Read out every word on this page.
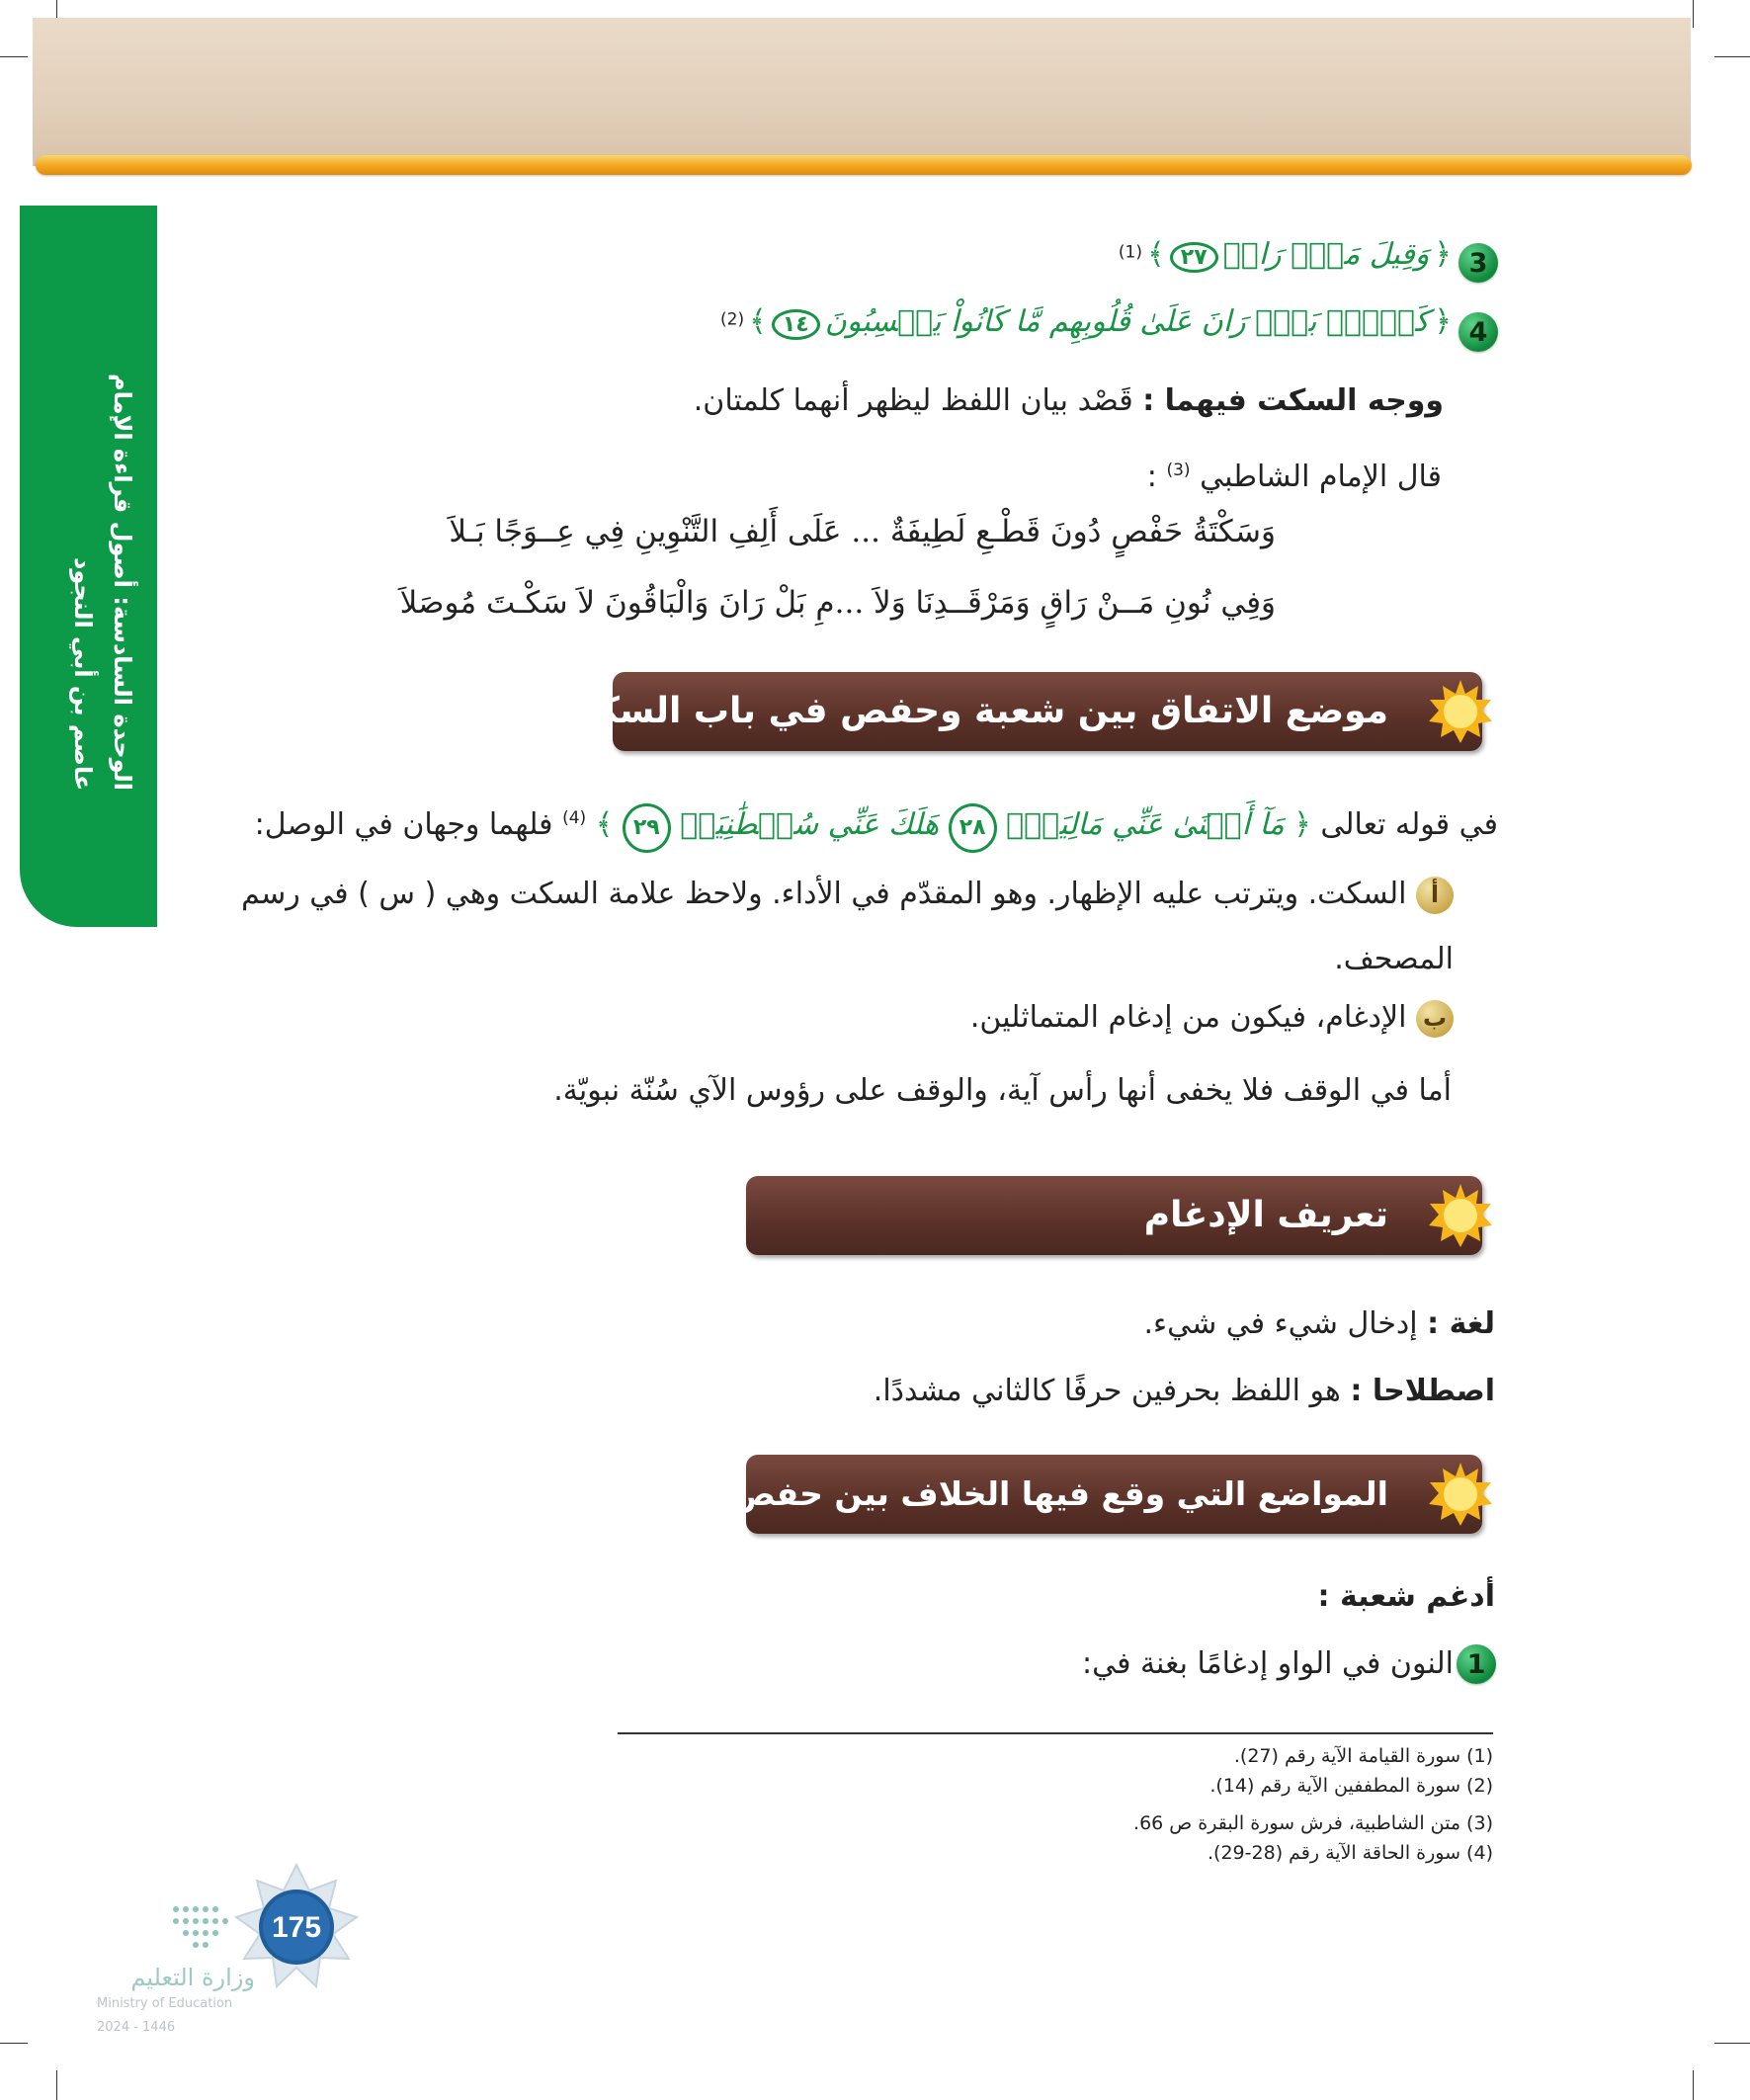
الوحدة السادسة: أصول قراءة الإمام
عاصم بن أبي النجود
3
﴿ وَقِيلَ مَنۡۜ رَاقٖ ٢٧ ﴾ (1)
4
﴿ كَلَّاۖ بَلۡۜ رَانَ عَلَىٰ قُلُوبِهِم مَّا كَانُواْ يَكۡسِبُونَ ١٤ ﴾ (2)
ووجه السكت فيهما : قَصْد بيان اللفظ ليظهر أنهما كلمتان.
قال الإمام الشاطبي $^{(3)}$ :
وَسَكْتَةُ حَفْصٍ دُونَ قَطْـعِ لَطِيفَةٌ ... عَلَى أَلِفِ التَّنْوِينِ فِي عِــوَجًا بَـلاَ
وَفِي نُونِ مَــنْ رَاقٍ وَمَرْقَــدِنَا وَلاَ ...مِ بَلْ رَانَ وَالْبَاقُونَ لاَ سَكْـتَ مُوصَلاَ
موضع الاتفاق بين شعبة وحفص في باب السكت
في قوله تعالى ﴿ مَآ أَغۡنَىٰ عَنِّي مَالِيَهۡۜ ٢٨ هَلَكَ عَنِّي سُلۡطَٰنِيَهۡ ٢٩ ﴾ $^{(4)}$ فلهما وجهان في الوصل:
أ السكت. ويترتب عليه الإظهار. وهو المقدّم في الأداء. ولاحظ علامة السكت وهي ( س ) في رسم المصحف.
ب الإدغام، فيكون من إدغام المتماثلين.
أما في الوقف فلا يخفى أنها رأس آية، والوقف على رؤوس الآي سُنّة نبويّة.
تعريف الإدغام
لغة : إدخال شيء في شيء.
اصطلاحا : هو اللفظ بحرفين حرفًا كالثاني مشددًا.
المواضع التي وقع فيها الخلاف بين حفص وشعبة
أدغم شعبة :
1
النون في الواو إدغامًا بغنة في:
(1) سورة القيامة الآية رقم (27).
(2) سورة المطففين الآية رقم (14).
(3) متن الشاطبية، فرش سورة البقرة ص 66.
(4) سورة الحاقة الآية رقم (28-29).
175
وزارة التعليم
Ministry of Education
2024 - 1446
